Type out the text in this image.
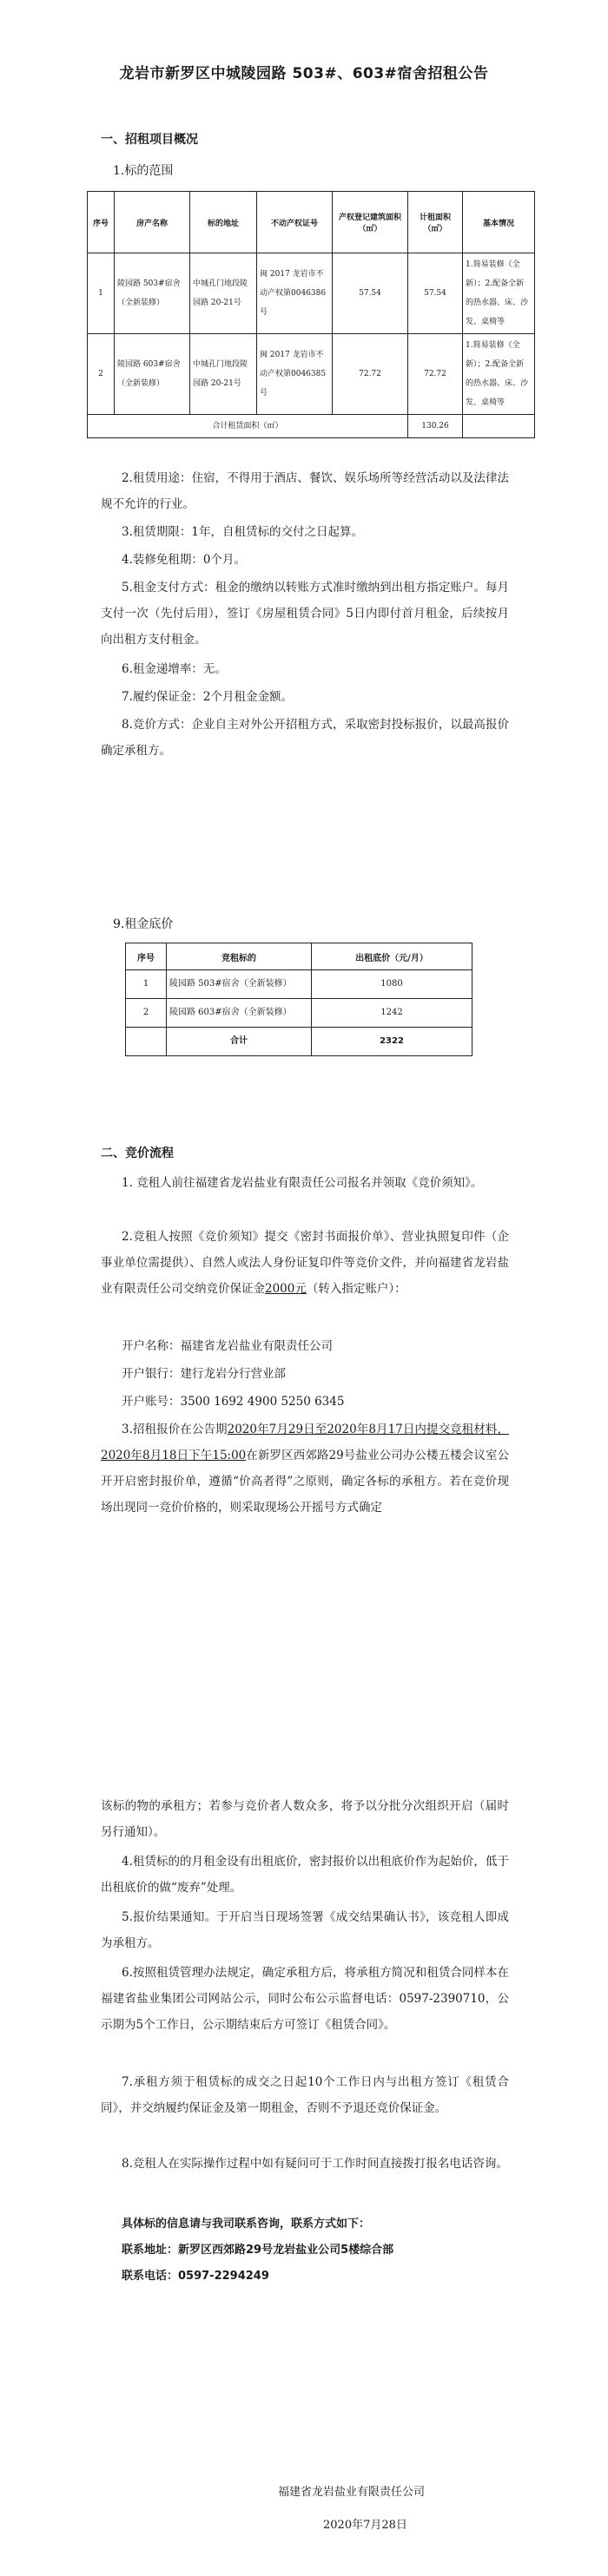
龙岩市新罗区中城陵园路 503#、603#宿舍招租公告
一、招租项目概况
1.标的范围
序号	房产名称	标的地址	不动产权证号	产权登记建筑面积（㎡）	计租面积（㎡）	基本情况
1	陵园路 503#宿舍（全新装修）	中城孔门地段陵园路 20-21号	闽 2017 龙岩市不动产权第0046386 号	57.54	57.54	1.简易装修（全新）；2.配备全新的热水器、床、沙发、桌椅等
2	陵园路 603#宿舍（全新装修）	中城孔门地段陵园路 20-21号	闽 2017 龙岩市不动产权第0046385 号	72.72	72.72	1.简易装修（全新）；2.配备全新的热水器、床、沙发、桌椅等
合计租赁面积（㎡）					130.26	
2.租赁用途：住宿，不得用于酒店、餐饮、娱乐场所等经营活动以及法律法规不允许的行业。
3.租赁期限：1年，自租赁标的交付之日起算。
4.装修免租期：0个月。
5.租金支付方式：租金的缴纳以转账方式准时缴纳到出租方指定账户。每月支付一次（先付后用），签订《房屋租赁合同》5日内即付首月租金，后续按月向出租方支付租金。
6.租金递增率：无。
7.履约保证金：2个月租金金额。
8.竞价方式：企业自主对外公开招租方式，采取密封投标报价，以最高报价确定承租方。
9.租金底价
序号	竞租标的	出租底价（元/月）
1	陵园路 503#宿舍（全新装修）	1080
2	陵园路 603#宿舍（全新装修）	1242
	合计	2322
二、竞价流程
1. 竞租人前往福建省龙岩盐业有限责任公司报名并领取《竞价须知》。
2.竞租人按照《竞价须知》提交《密封书面报价单》、营业执照复印件（企事业单位需提供）、自然人或法人身份证复印件等竞价文件，并向福建省龙岩盐业有限责任公司交纳竞价保证金2000元（转入指定账户）：
开户名称：福建省龙岩盐业有限责任公司
开户银行：建行龙岩分行营业部
开户账号：3500 1692 4900 5250 6345
3.招租报价在公告期2020年7月29日至2020年8月17日内提交竞租材料，2020年8月18日下午15:00在新罗区西郊路29号盐业公司办公楼五楼会议室公开开启密封报价单，遵循“价高者得”之原则，确定各标的承租方。若在竞价现场出现同一竞价价格的，则采取现场公开摇号方式确定
该标的物的承租方；若参与竞价者人数众多，将予以分批分次组织开启（届时另行通知）。
4.租赁标的的月租金设有出租底价，密封报价以出租底价作为起始价，低于出租底价的做“废弃”处理。
5.报价结果通知。于开启当日现场签署《成交结果确认书》，该竞租人即成为承租方。
6.按照租赁管理办法规定，确定承租方后，将承租方简况和租赁合同样本在福建省盐业集团公司网站公示，同时公布公示监督电话：0597-2390710，公示期为5个工作日，公示期结束后方可签订《租赁合同》。
7.承租方须于租赁标的成交之日起10个工作日内与出租方签订《租赁合同》，并交纳履约保证金及第一期租金，否则不予退还竞价保证金。
8.竞租人在实际操作过程中如有疑问可于工作时间直接拨打报名电话咨询。
具体标的信息请与我司联系咨询，联系方式如下：
联系地址：新罗区西郊路29号龙岩盐业公司5楼综合部
联系电话：0597-2294249
福建省龙岩盐业有限责任公司
2020年7月28日
